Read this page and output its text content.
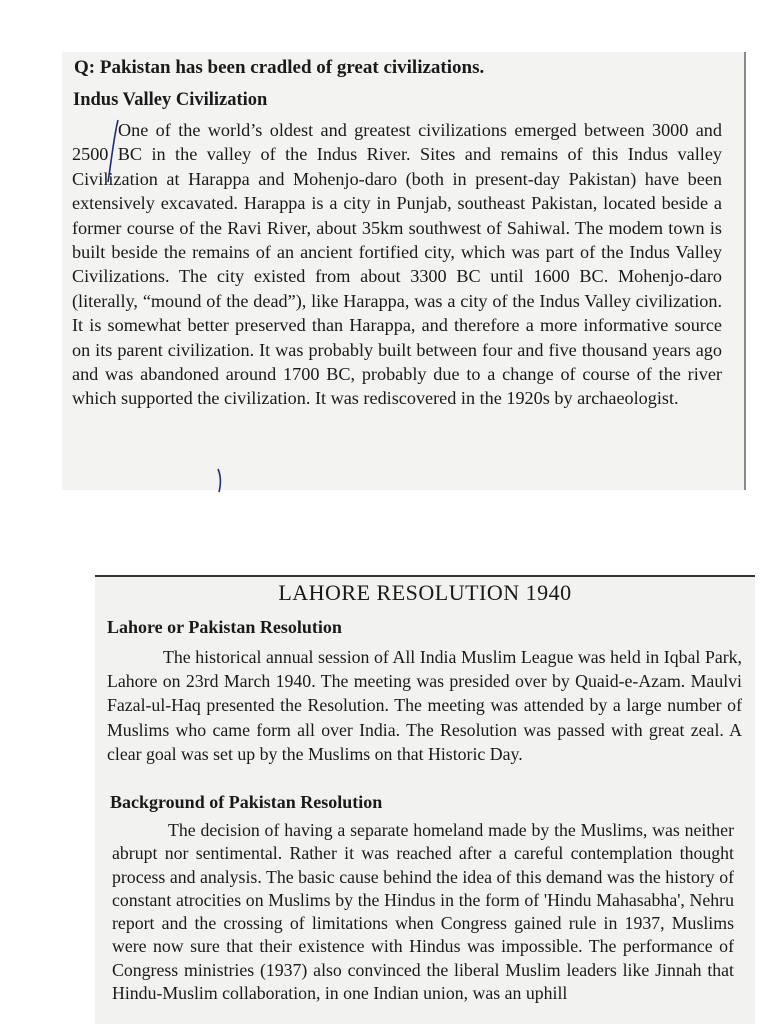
Q: Pakistan has been cradled of great civilizations.
Indus Valley Civilization
One of the world’s oldest and greatest civilizations emerged between 3000 and 2500 BC in the valley of the Indus River. Sites and remains of this Indus valley Civilization at Harappa and Mohenjo-daro (both in present-day Pakistan) have been extensively excavated. Harappa is a city in Punjab, southeast Pakistan, located beside a former course of the Ravi River, about 35km southwest of Sahiwal. The modem town is built beside the remains of an ancient fortified city, which was part of the Indus Valley Civilizations. The city existed from about 3300 BC until 1600 BC. Mohenjo-daro (literally, “mound of the dead”), like Harappa, was a city of the Indus Valley civilization. It is somewhat better preserved than Harappa, and therefore a more informative source on its parent civilization. It was probably built between four and five thousand years ago and was abandoned around 1700 BC, probably due to a change of course of the river which supported the civilization. It was rediscovered in the 1920s by archaeologist.
LAHORE RESOLUTION 1940
Lahore or Pakistan Resolution
The historical annual session of All India Muslim League was held in Iqbal Park, Lahore on 23rd March 1940. The meeting was presided over by Quaid-e-Azam. Maulvi Fazal-ul-Haq presented the Resolution. The meeting was attended by a large number of Muslims who came form all over India. The Resolution was passed with great zeal. A clear goal was set up by the Muslims on that Historic Day.
Background of Pakistan Resolution
The decision of having a separate homeland made by the Muslims, was neither abrupt nor sentimental. Rather it was reached after a careful contemplation thought process and analysis. The basic cause behind the idea of this demand was the history of constant atrocities on Muslims by the Hindus in the form of 'Hindu Mahasabha', Nehru report and the crossing of limitations when Congress gained rule in 1937, Muslims were now sure that their existence with Hindus was impossible. The performance of Congress ministries (1937) also convinced the liberal Muslim leaders like Jinnah that Hindu-Muslim collaboration, in one Indian union, was an uphill
